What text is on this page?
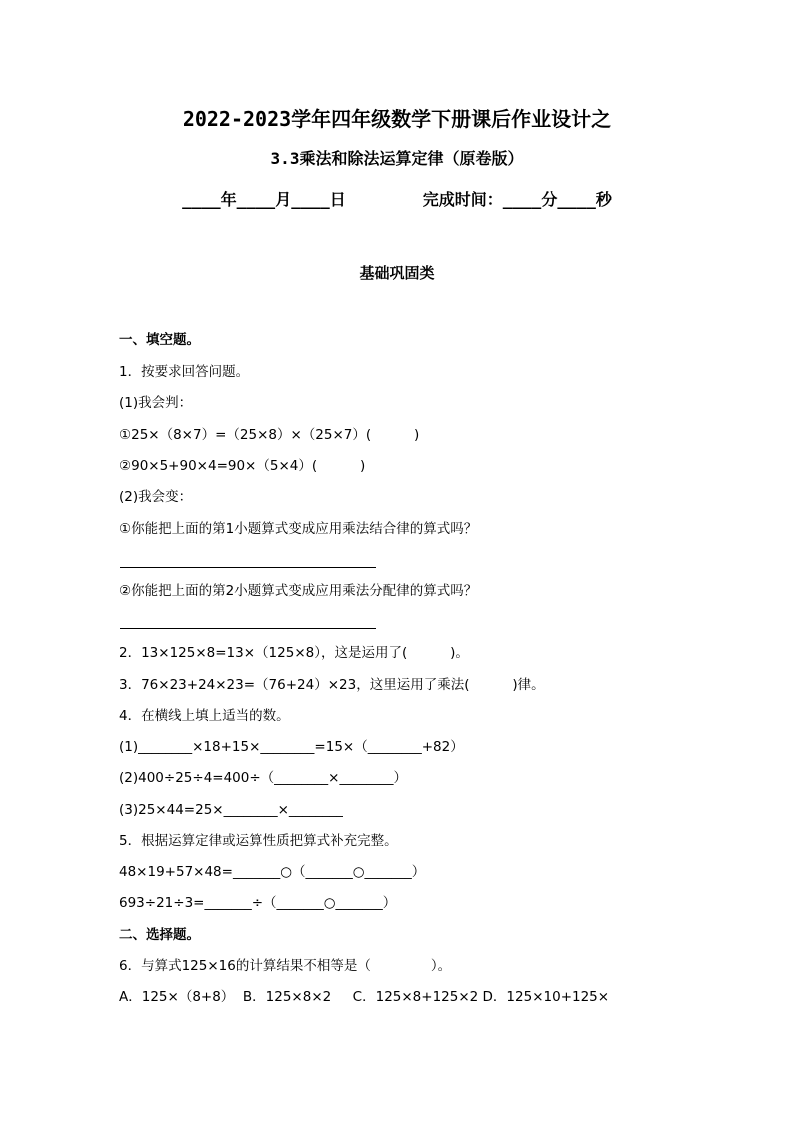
2022-2023学年四年级数学下册课后作业设计之
3.3乘法和除法运算定律（原卷版）
____年____月____日        完成时间：____分____秒
基础巩固类
一、填空题。
1．按要求回答问题。
(1)我会判：
①25×（8×7）=（25×8）×（25×7）(          )
②90×5+90×4=90×（5×4）(          )
(2)我会变：
①你能把上面的第1小题算式变成应用乘法结合律的算式吗？
②你能把上面的第2小题算式变成应用乘法分配律的算式吗？
2．13×125×8=13×（125×8），这是运用了(          )。
3．76×23+24×23=（76+24）×23，这里运用了乘法(          )律。
4．在横线上填上适当的数。
(1)________×18+15×________=15×（________+82）
(2)400÷25÷4=400÷（________×________）
(3)25×44=25×________×________
5．根据运算定律或运算性质把算式补充完整。
48×19+57×48=_______○（_______○_______）
693÷21÷3=_______÷（_______○_______）
二、选择题。
6．与算式125×16的计算结果不相等是（              ）。
A．125×（8+8）  B．125×8×2     C．125×8+125×2 D．125×10+125×
